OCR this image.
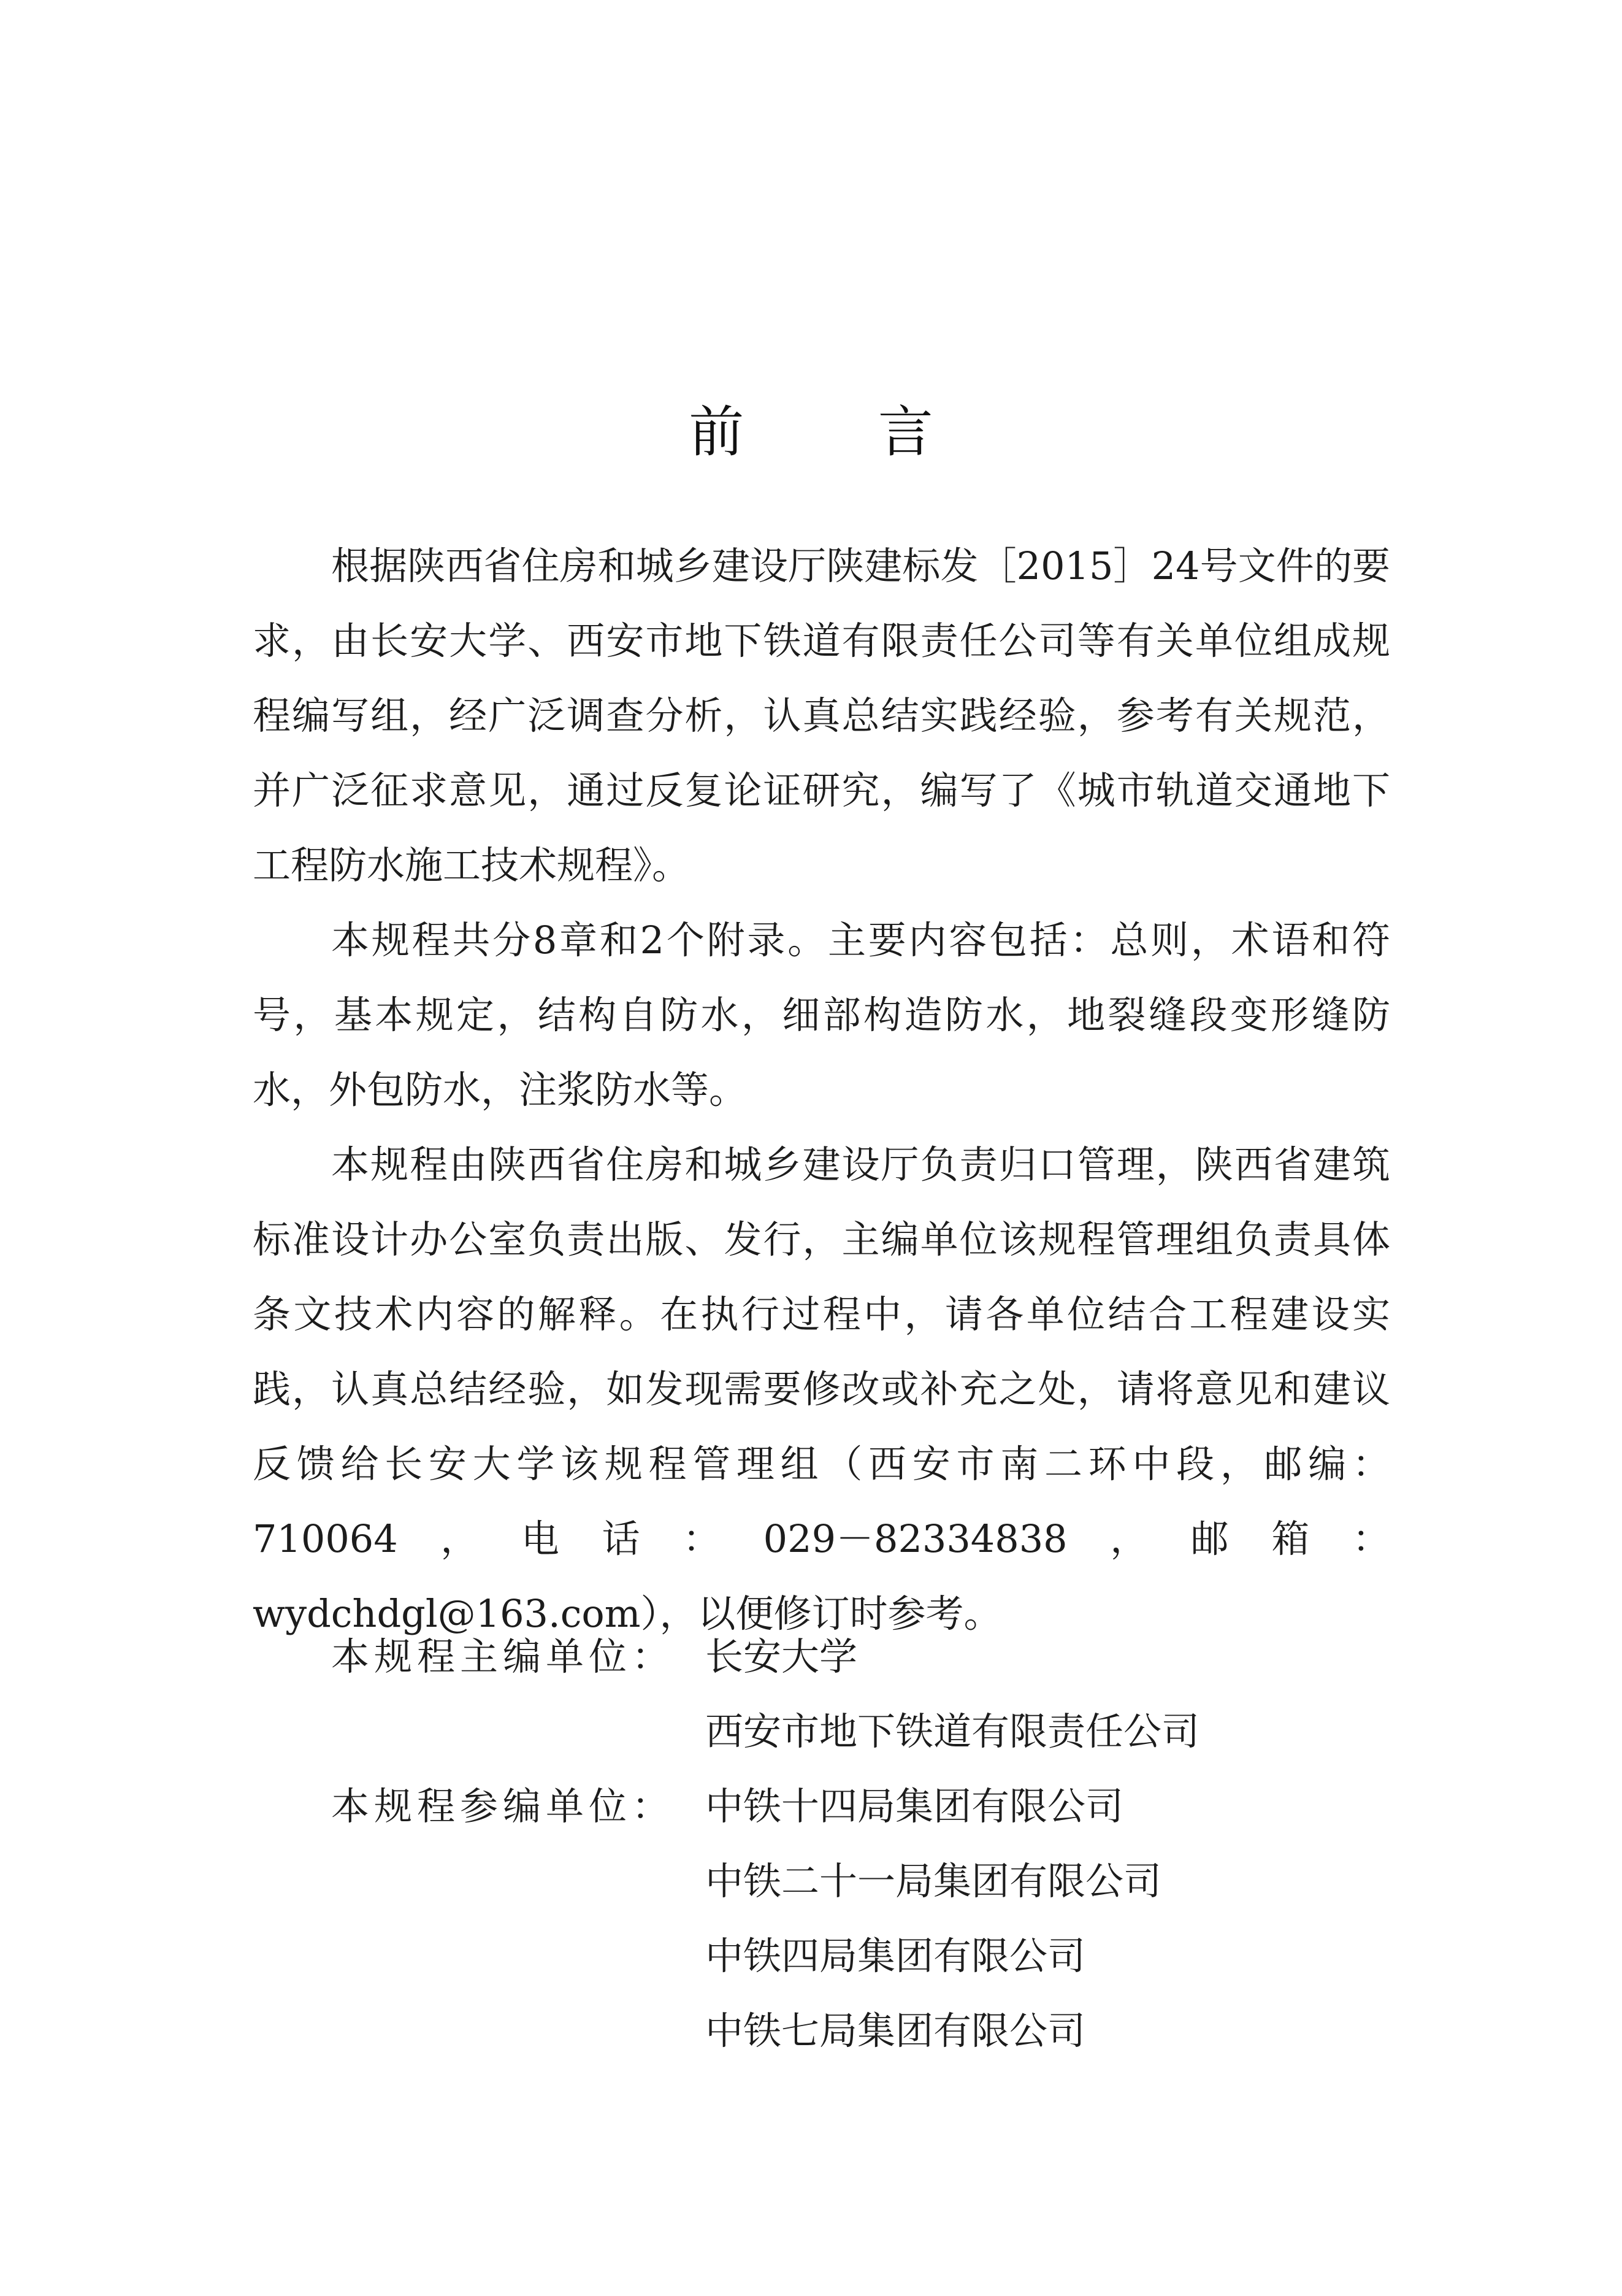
前 言

根据陕西省住房和城乡建设厅陕建标发［2015］24号文件的要求，由长安大学、西安市地下铁道有限责任公司等有关单位组成规程编写组，经广泛调查分析，认真总结实践经验，参考有关规范，并广泛征求意见，通过反复论证研究，编写了《城市轨道交通地下工程防水施工技术规程》。

本规程共分8章和2个附录。主要内容包括：总则，术语和符号，基本规定，结构自防水，细部构造防水，地裂缝段变形缝防水，外包防水，注浆防水等。

本规程由陕西省住房和城乡建设厅负责归口管理，陕西省建筑标准设计办公室负责出版、发行，主编单位该规程管理组负责具体条文技术内容的解释。在执行过程中，请各单位结合工程建设实践，认真总结经验，如发现需要修改或补充之处，请将意见和建议反馈给长安大学该规程管理组（西安市南二环中段，邮编：710064，电话：029－82334838，邮箱：wydchdgl@163.com），以便修订时参考。

本规程主编单位： 长安大学
西安市地下铁道有限责任公司
本规程参编单位： 中铁十四局集团有限公司
中铁二十一局集团有限公司
中铁四局集团有限公司
中铁七局集团有限公司
